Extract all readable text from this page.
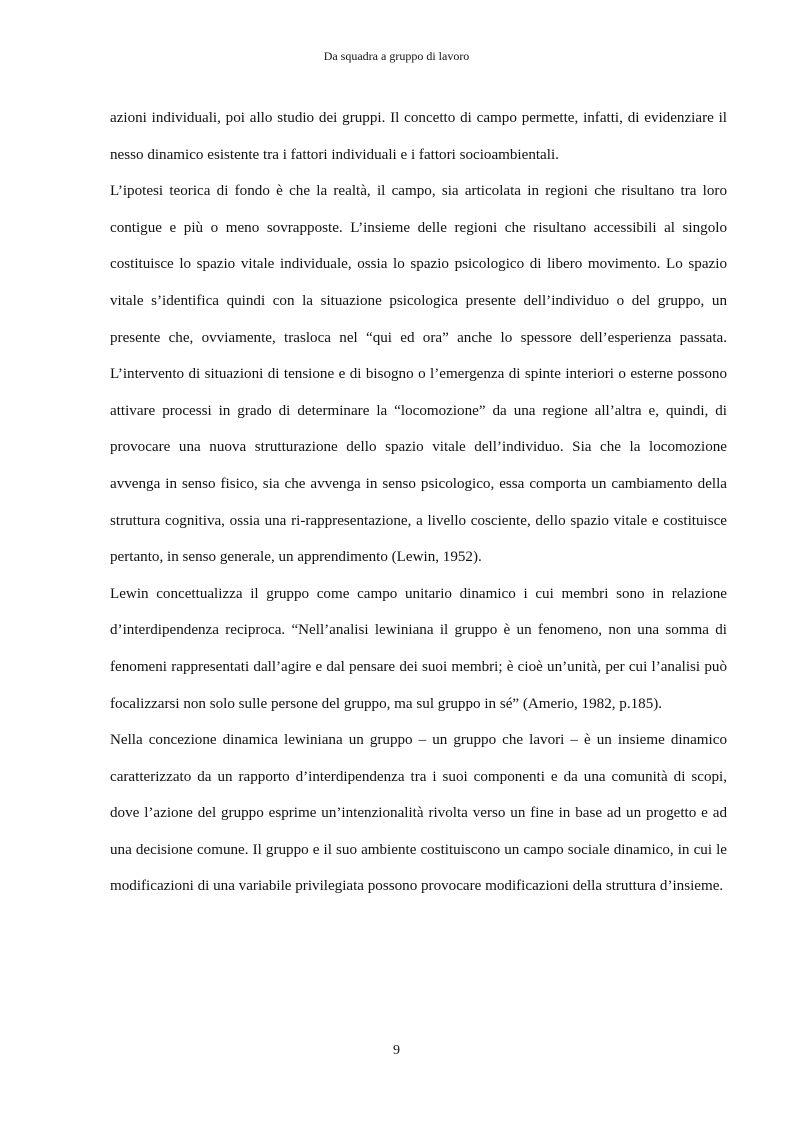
Da squadra a gruppo di lavoro

azioni individuali, poi allo studio dei gruppi. Il concetto di campo permette, infatti, di evidenziare il nesso dinamico esistente tra i fattori individuali e i fattori socioambientali.

L’ipotesi teorica di fondo è che la realtà, il campo, sia articolata in regioni che risultano tra loro contigue e più o meno sovrapposte. L’insieme delle regioni che risultano accessibili al singolo costituisce lo spazio vitale individuale, ossia lo spazio psicologico di libero movimento. Lo spazio vitale s’identifica quindi con la situazione psicologica presente dell’individuo o del gruppo, un presente che, ovviamente, trasloca nel “qui ed ora” anche lo spessore dell’esperienza passata. L’intervento di situazioni di tensione e di bisogno o l’emergenza di spinte interiori o esterne possono attivare processi in grado di determinare la “locomozione” da una regione all’altra e, quindi, di provocare una nuova strutturazione dello spazio vitale dell’individuo. Sia che la locomozione avvenga in senso fisico, sia che avvenga in senso psicologico, essa comporta un cambiamento della struttura cognitiva, ossia una ri-rappresentazione, a livello cosciente, dello spazio vitale e costituisce pertanto, in senso generale, un apprendimento (Lewin, 1952).

Lewin concettualizza il gruppo come campo unitario dinamico i cui membri sono in relazione d’interdipendenza reciproca. “Nell’analisi lewiniana il gruppo è un fenomeno, non una somma di fenomeni rappresentati dall’agire e dal pensare dei suoi membri; è cioè un’unità, per cui l’analisi può focalizzarsi non solo sulle persone del gruppo, ma sul gruppo in sé” (Amerio, 1982, p.185).

Nella concezione dinamica lewiniana un gruppo – un gruppo che lavori – è un insieme dinamico caratterizzato da un rapporto d’interdipendenza tra i suoi componenti e da una comunità di scopi, dove l’azione del gruppo esprime un’intenzionalità rivolta verso un fine in base ad un progetto e ad una decisione comune. Il gruppo e il suo ambiente costituiscono un campo sociale dinamico, in cui le modificazioni di una variabile privilegiata possono provocare modificazioni della struttura d’insieme.

9
